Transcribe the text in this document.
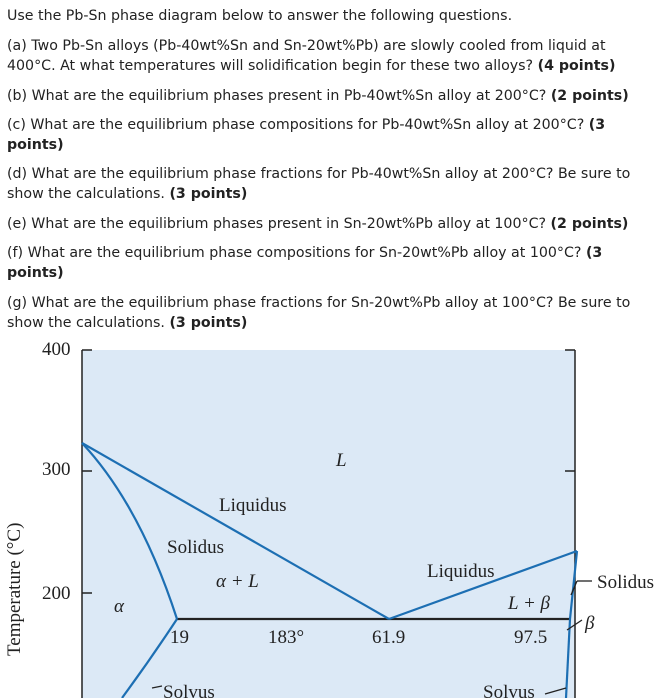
Use the Pb-Sn phase diagram below to answer the following questions.
(a) Two Pb-Sn alloys (Pb-40wt%Sn and Sn-20wt%Pb) are slowly cooled from liquid at 400°C. At what temperatures will solidification begin for these two alloys? (4 points)
(b) What are the equilibrium phases present in Pb-40wt%Sn alloy at 200°C? (2 points)
(c) What are the equilibrium phase compositions for Pb-40wt%Sn alloy at 200°C? (3 points)
(d) What are the equilibrium phase fractions for Pb-40wt%Sn alloy at 200°C? Be sure to show the calculations. (3 points)
(e) What are the equilibrium phases present in Sn-20wt%Pb alloy at 100°C? (2 points)
(f) What are the equilibrium phase compositions for Sn-20wt%Pb alloy at 100°C? (3 points)
(g) What are the equilibrium phase fractions for Sn-20wt%Pb alloy at 100°C? Be sure to show the calculations. (3 points)
400
300
200
Temperature (°C)
L
Liquidus
Solidus
α + L
α
Liquidus
L + β
Solidus
β
19	183°	61.9	97.5
Solvus	Solvus
